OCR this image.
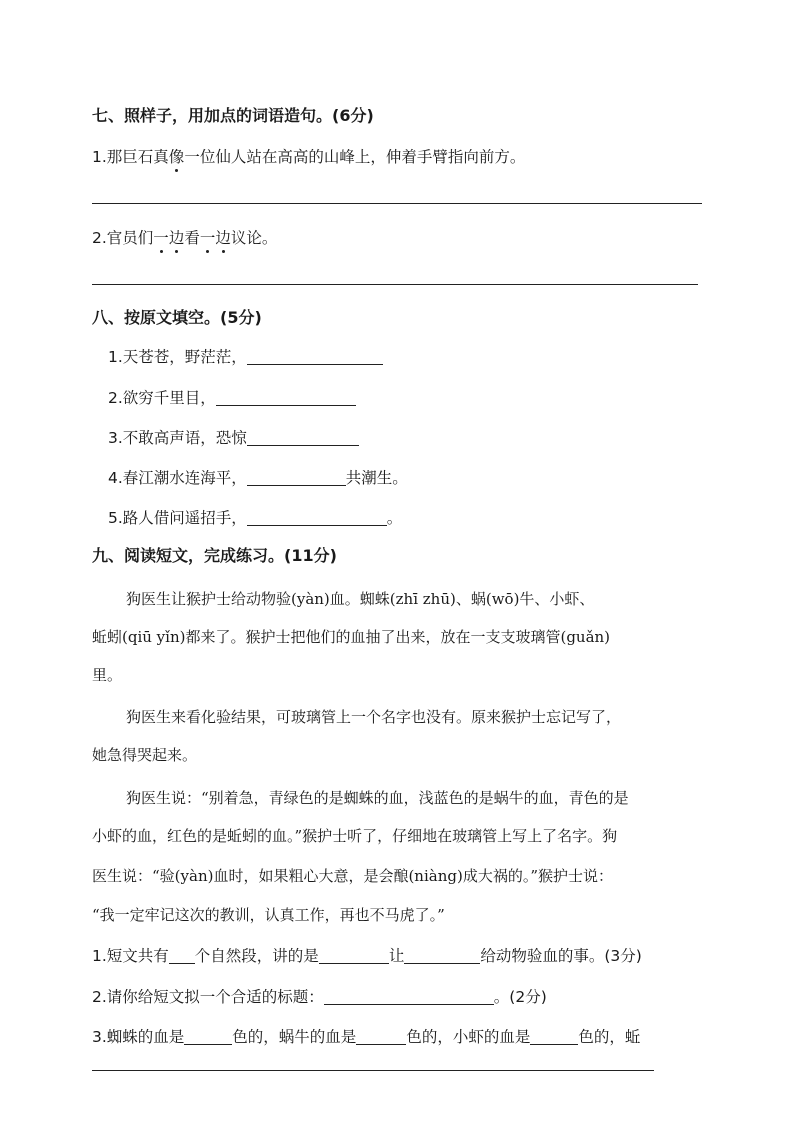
七、照样子，用加点的词语造句。(6分)
1.那巨石真像一位仙人站在高高的山峰上，伸着手臂指向前方。
2.官员们一边看一边议论。
八、按原文填空。(5分)
1.天苍苍，野茫茫，
2.欲穷千里目，
3.不敢高声语，恐惊
4.春江潮水连海平，	共潮生。
5.路人借问遥招手，	。
九、阅读短文，完成练习。(11分)
狗医生让猴护士给动物验(yàn)血。蜘蛛(zhī zhū)、蜗(wō)牛、小虾、
蚯蚓(qiū yǐn)都来了。猴护士把他们的血抽了出来，放在一支支玻璃管(guǎn)
里。
狗医生来看化验结果，可玻璃管上一个名字也没有。原来猴护士忘记写了，
她急得哭起来。
狗医生说：“别着急，青绿色的是蜘蛛的血，浅蓝色的是蜗牛的血，青色的是
小虾的血，红色的是蚯蚓的血。”猴护士听了，仔细地在玻璃管上写上了名字。狗
医生说：“验(yàn)血时，如果粗心大意，是会酿(niàng)成大祸的。”猴护士说：
“我一定牢记这次的教训，认真工作，再也不马虎了。”
1.短文共有 个自然段，讲的是	让	给动物验血的事。(3分)
2.请你给短文拟一个合适的标题：	。(2分)
3.蜘蛛的血是	色的，蜗牛的血是	色的，小虾的血是	色的，蚯
